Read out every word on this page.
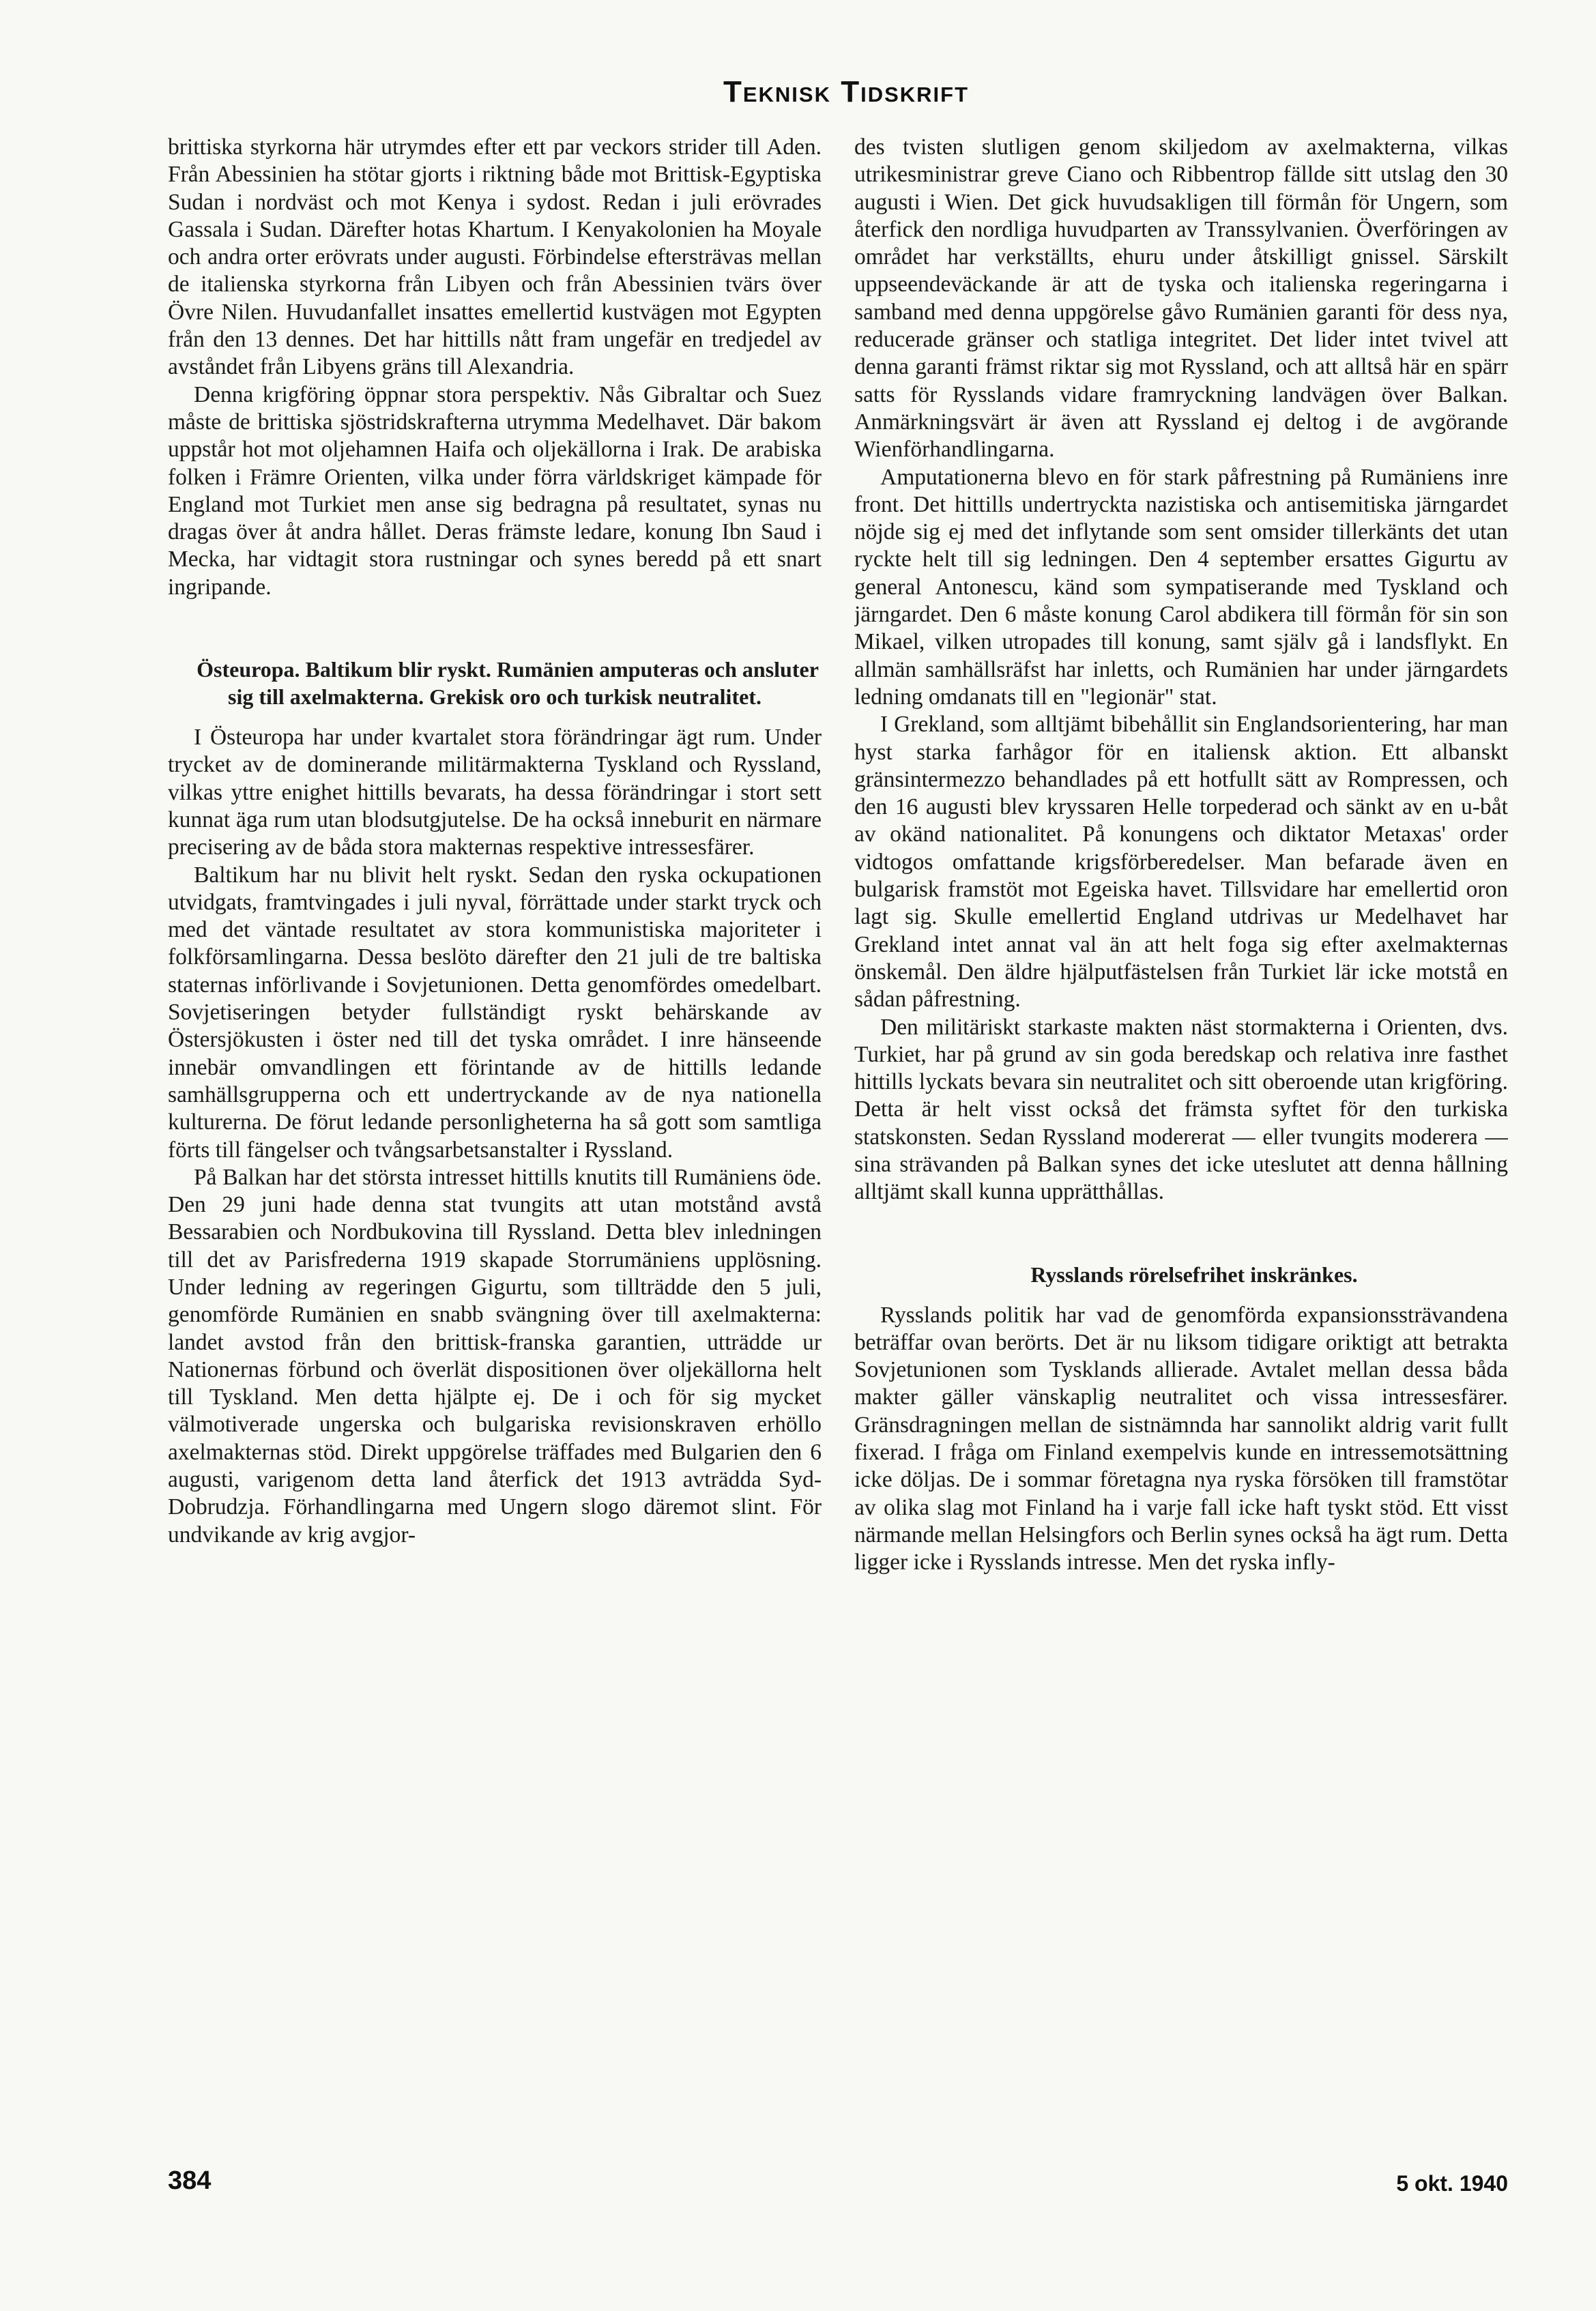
Teknisk Tidskrift

brittiska styrkorna här utrymdes efter ett par veckors strider till Aden. Från Abessinien ha stötar gjorts i riktning både mot Brittisk-Egyptiska Sudan i nordväst och mot Kenya i sydost. Redan i juli erövrades Gassala i Sudan. Därefter hotas Khartum. I Kenyakolonien ha Moyale och andra orter erövrats under augusti. Förbindelse eftersträvas mellan de italienska styrkorna från Libyen och från Abessinien tvärs över Övre Nilen. Huvudanfallet insattes emellertid kustvägen mot Egypten från den 13 dennes. Det har hittills nått fram ungefär en tredjedel av avståndet från Libyens gräns till Alexandria.

Denna krigföring öppnar stora perspektiv. Nås Gibraltar och Suez måste de brittiska sjöstridskrafterna utrymma Medelhavet. Där bakom uppstår hot mot oljehamnen Haifa och oljekällorna i Irak. De arabiska folken i Främre Orienten, vilka under förra världskriget kämpade för England mot Turkiet men anse sig bedragna på resultatet, synas nu dragas över åt andra hållet. Deras främste ledare, konung Ibn Saud i Mecka, har vidtagit stora rustningar och synes beredd på ett snart ingripande.

Östeuropa. Baltikum blir ryskt. Rumänien amputeras och ansluter sig till axelmakterna. Grekisk oro och turkisk neutralitet.

I Östeuropa har under kvartalet stora förändringar ägt rum. Under trycket av de dominerande militärmakterna Tyskland och Ryssland, vilkas yttre enighet hittills bevarats, ha dessa förändringar i stort sett kunnat äga rum utan blodsutgjutelse. De ha också inneburit en närmare precisering av de båda stora makternas respektive intressesfärer.

Baltikum har nu blivit helt ryskt. Sedan den ryska ockupationen utvidgats, framtvingades i juli nyval, förrättade under starkt tryck och med det väntade resultatet av stora kommunistiska majoriteter i folkförsamlingarna. Dessa beslöto därefter den 21 juli de tre baltiska staternas införlivande i Sovjetunionen. Detta genomfördes omedelbart. Sovjetiseringen betyder fullständigt ryskt behärskande av Östersjökusten i öster ned till det tyska området. I inre hänseende innebär omvandlingen ett förintande av de hittills ledande samhällsgrupperna och ett undertryckande av de nya nationella kulturerna. De förut ledande personligheterna ha så gott som samtliga förts till fängelser och tvångsarbetsanstalter i Ryssland.

På Balkan har det största intresset hittills knutits till Rumäniens öde. Den 29 juni hade denna stat tvungits att utan motstånd avstå Bessarabien och Nordbukovina till Ryssland. Detta blev inledningen till det av Parisfrederna 1919 skapade Storrumäniens upplösning. Under ledning av regeringen Gigurtu, som tillträdde den 5 juli, genomförde Rumänien en snabb svängning över till axelmakterna: landet avstod från den brittisk-franska garantien, utträdde ur Nationernas förbund och överlät dispositionen över oljekällorna helt till Tyskland. Men detta hjälpte ej. De i och för sig mycket välmotiverade ungerska och bulgariska revisionskraven erhöllo axelmakternas stöd. Direkt uppgörelse träffades med Bulgarien den 6 augusti, varigenom detta land återfick det 1913 avträdda Syd-Dobrudzja. Förhandlingarna med Ungern slogo däremot slint. För undvikande av krig avgjor-

des tvisten slutligen genom skiljedom av axelmakterna, vilkas utrikesministrar greve Ciano och Ribbentrop fällde sitt utslag den 30 augusti i Wien. Det gick huvudsakligen till förmån för Ungern, som återfick den nordliga huvudparten av Transsylvanien. Överföringen av området har verkställts, ehuru under åtskilligt gnissel. Särskilt uppseendeväckande är att de tyska och italienska regeringarna i samband med denna uppgörelse gåvo Rumänien garanti för dess nya, reducerade gränser och statliga integritet. Det lider intet tvivel att denna garanti främst riktar sig mot Ryssland, och att alltså här en spärr satts för Rysslands vidare framryckning landvägen över Balkan. Anmärkningsvärt är även att Ryssland ej deltog i de avgörande Wienförhandlingarna.

Amputationerna blevo en för stark påfrestning på Rumäniens inre front. Det hittills undertryckta nazistiska och antisemitiska järngardet nöjde sig ej med det inflytande som sent omsider tillerkänts det utan ryckte helt till sig ledningen. Den 4 september ersattes Gigurtu av general Antonescu, känd som sympatiserande med Tyskland och järngardet. Den 6 måste konung Carol abdikera till förmån för sin son Mikael, vilken utropades till konung, samt själv gå i landsflykt. En allmän samhällsräfst har inletts, och Rumänien har under järngardets ledning omdanats till en "legionär" stat.

I Grekland, som alltjämt bibehållit sin Englandsorientering, har man hyst starka farhågor för en italiensk aktion. Ett albanskt gränsintermezzo behandlades på ett hotfullt sätt av Rompressen, och den 16 augusti blev kryssaren Helle torpederad och sänkt av en u-båt av okänd nationalitet. På konungens och diktator Metaxas' order vidtogos omfattande krigsförberedelser. Man befarade även en bulgarisk framstöt mot Egeiska havet. Tillsvidare har emellertid oron lagt sig. Skulle emellertid England utdrivas ur Medelhavet har Grekland intet annat val än att helt foga sig efter axelmakternas önskemål. Den äldre hjälputfästelsen från Turkiet lär icke motstå en sådan påfrestning.

Den militäriskt starkaste makten näst stormakterna i Orienten, dvs. Turkiet, har på grund av sin goda beredskap och relativa inre fasthet hittills lyckats bevara sin neutralitet och sitt oberoende utan krigföring. Detta är helt visst också det främsta syftet för den turkiska statskonsten. Sedan Ryssland modererat — eller tvungits moderera — sina strävanden på Balkan synes det icke uteslutet att denna hållning alltjämt skall kunna upprätthållas.

Rysslands rörelsefrihet inskränkes.

Rysslands politik har vad de genomförda expansionssträvandena beträffar ovan berörts. Det är nu liksom tidigare oriktigt att betrakta Sovjetunionen som Tysklands allierade. Avtalet mellan dessa båda makter gäller vänskaplig neutralitet och vissa intressesfärer. Gränsdragningen mellan de sistnämnda har sannolikt aldrig varit fullt fixerad. I fråga om Finland exempelvis kunde en intressemotsättning icke döljas. De i sommar företagna nya ryska försöken till framstötar av olika slag mot Finland ha i varje fall icke haft tyskt stöd. Ett visst närmande mellan Helsingfors och Berlin synes också ha ägt rum. Detta ligger icke i Rysslands intresse. Men det ryska infly-

384	5 okt. 1940
